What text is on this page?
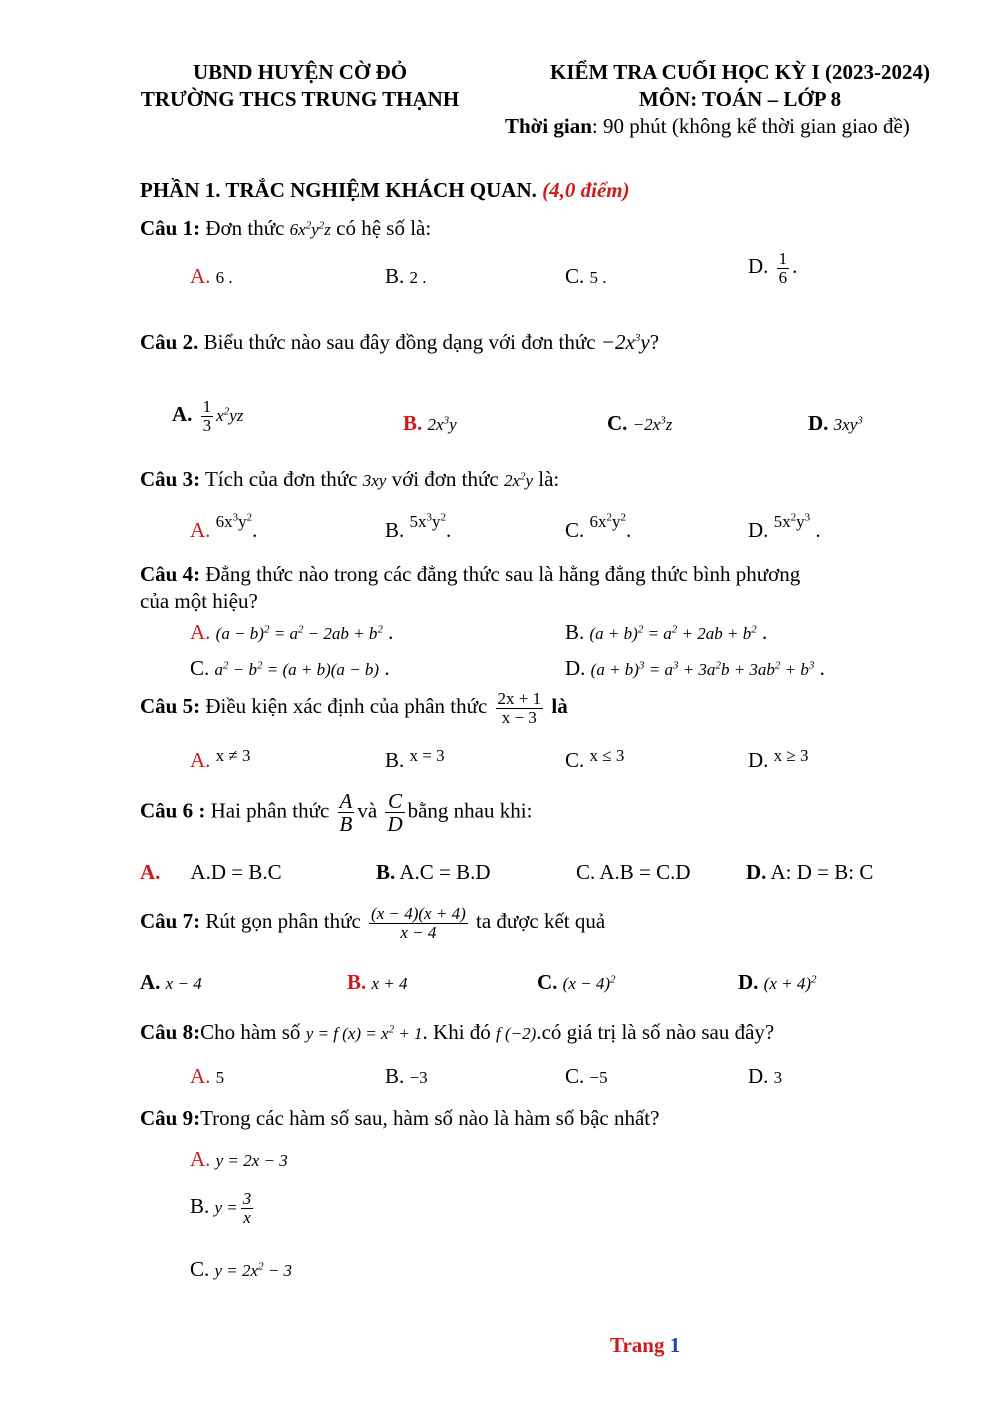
UBND HUYỆN CỜ ĐỎ
TRƯỜNG THCS TRUNG THẠNH
KIỂM TRA CUỐI HỌC KỲ I (2023-2024)
MÔN: TOÁN – LỚP 8
Thời gian: 90 phút (không kể thời gian giao đề)
PHẦN 1. TRẮC NGHIỆM KHÁCH QUAN. (4,0 điểm)
Câu 1: Đơn thức $6x^2y^2z$ có hệ số là:
A. 6 .	B. 2 .	C. 5 .	D. $\frac{1}{6}$ .
Câu 2. Biểu thức nào sau đây đồng dạng với đơn thức $-2x^3y$?
A. $\frac{1}{3} x^2yz$	B. $2x^3y$	C. $-2x^3z$	D. $3xy^3$
Câu 3: Tích của đơn thức 3xy với đơn thức $2x^2y$ là:
A. $^{6x^3y^2}$.	B. $^{5x^3y^2}$.	C. $^{6x^2y^2}$.	D. $^{5x^2y^3}$ .
Câu 4: Đẳng thức nào trong các đẳng thức sau là hằng đẳng thức bình phương
của một hiệu?
A. $(a - b)^2 = a^2 - 2ab + b^2$ .	B. $(a + b)^2 = a^2 + 2ab + b^2$ .
C. $a^2 - b^2 = (a + b)(a - b)$ .	D. $(a + b)^3 = a^3 + 3a^2b + 3ab^2 + b^3$ .
Câu 5: Điều kiện xác định của phân thức $\frac{2x + 1}{x - 3}$ là
A. $^{x \ne 3}$	B. $^{x = 3}$	C. $^{x \le 3}$	D. $^{x \ge 3}$
Câu 6 : Hai phân thức $\frac{A}{B}$ và $\frac{C}{D}$ bằng nhau khi:
A. A.D = B.C	B. A.C = B.D	C. A.B = C.D	D. A: D = B: C
Câu 7: Rút gọn phân thức $\frac{(x - 4)(x + 4)}{x - 4}$ ta được kết quả
A. x − 4	B. x + 4	C. $(x - 4)^2$	D. $(x + 4)^2$
Câu 8:Cho hàm số y = f $(x) = x^2 + 1$. Khi đó f (−2).có giá trị là số nào sau đây?
A. 5	B. −3	C. −5	D. 3
Câu 9:Trong các hàm số sau, hàm số nào là hàm số bậc nhất?
A. y = 2x − 3
B. $y = \frac{3}{x}$
C. $y = 2x^2 - 3$
Trang 1
